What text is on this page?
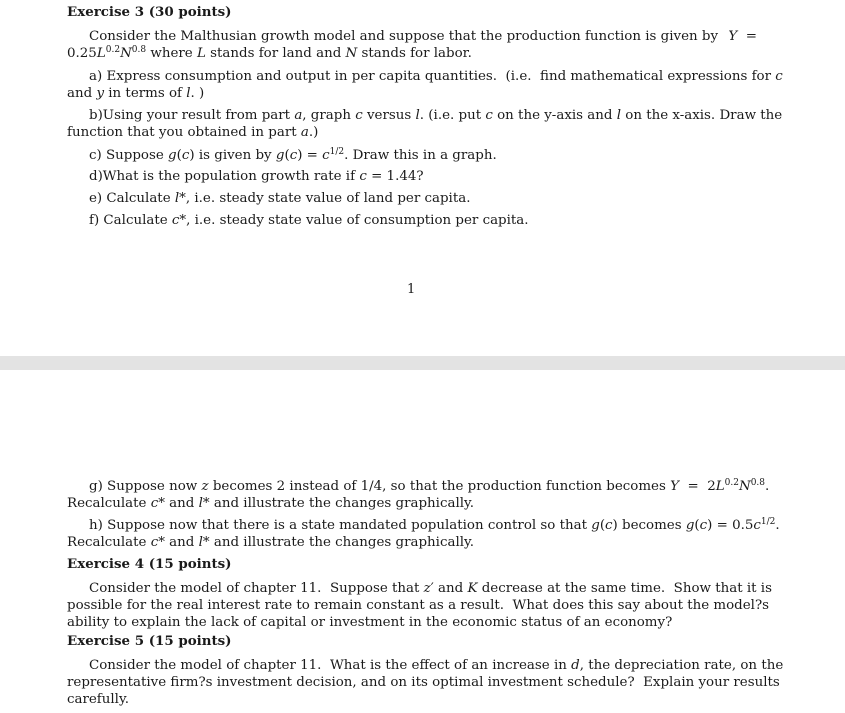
Exercise 3 (30 points)
Consider the Malthusian growth model and suppose that the production function is given by Y  =
$0.25L^{0.2}N^{0.8}$ where L stands for land and N stands for labor.
a) Express consumption and output in per capita quantities.  (i.e.  find mathematical expressions for c
and y in terms of l. )
b)Using your result from part a, graph c versus l. (i.e. put c on the y-axis and l on the x-axis. Draw the
function that you obtained in part a.)
c) Suppose g(c) is given by $g(c) = c^{1/2}$. Draw this in a graph.
d)What is the population growth rate if c = 1.44?
e) Calculate l*, i.e. steady state value of land per capita.
f) Calculate c*, i.e. steady state value of consumption per capita.
1
g) Suppose now z becomes 2 instead of 1/4, so that the production function becomes $Y = 2L^{0.2}N^{0.8}$.
Recalculate c* and l* and illustrate the changes graphically.
h) Suppose now that there is a state mandated population control so that g(c) becomes $g(c) = 0.5c^{1/2}$.
Recalculate c* and l* and illustrate the changes graphically.
Exercise 4 (15 points)
Consider the model of chapter 11.  Suppose that z′ and K decrease at the same time.  Show that it is
possible for the real interest rate to remain constant as a result.  What does this say about the model?s
ability to explain the lack of capital or investment in the economic status of an economy?
Exercise 5 (15 points)
Consider the model of chapter 11.  What is the effect of an increase in d, the depreciation rate, on the
representative firm?s investment decision, and on its optimal investment schedule?  Explain your results
carefully.
